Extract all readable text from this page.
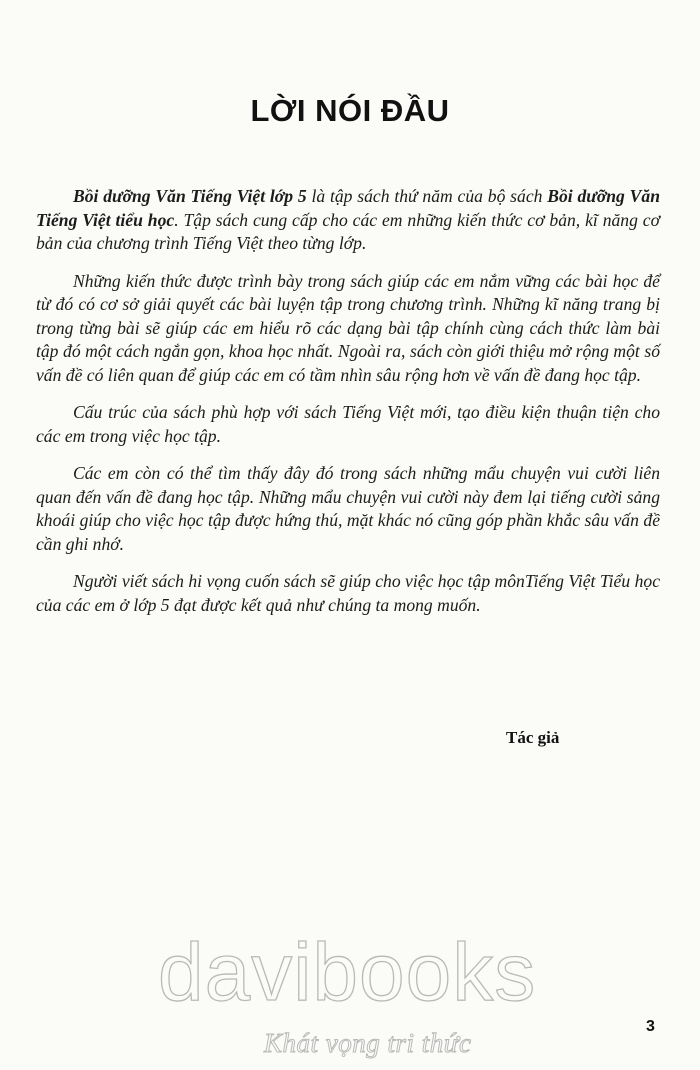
LỜI NÓI ĐẦU

Bồi dưỡng Văn Tiếng Việt lớp 5 là tập sách thứ năm của bộ sách Bồi dưỡng Văn Tiếng Việt tiểu học. Tập sách cung cấp cho các em những kiến thức cơ bản, kĩ năng cơ bản của chương trình Tiếng Việt theo từng lớp.

Những kiến thức được trình bày trong sách giúp các em nắm vững các bài học để từ đó có cơ sở giải quyết các bài luyện tập trong chương trình. Những kĩ năng trang bị trong từng bài sẽ giúp các em hiểu rõ các dạng bài tập chính cùng cách thức làm bài tập đó một cách ngắn gọn, khoa học nhất. Ngoài ra, sách còn giới thiệu mở rộng một số vấn đề có liên quan để giúp các em có tầm nhìn sâu rộng hơn về vấn đề đang học tập.

Cấu trúc của sách phù hợp với sách Tiếng Việt mới, tạo điều kiện thuận tiện cho các em trong việc học tập.

Các em còn có thể tìm thấy đây đó trong sách những mẩu chuyện vui cười liên quan đến vấn đề đang học tập. Những mẩu chuyện vui cười này đem lại tiếng cười sảng khoái giúp cho việc học tập được hứng thú, mặt khác nó cũng góp phần khắc sâu vấn đề cần ghi nhớ.

Người viết sách hi vọng cuốn sách sẽ giúp cho việc học tập mônTiếng Việt Tiểu học của các em ở lớp 5 đạt được kết quả như chúng ta mong muốn.

Tác giả
davibooks
3
Khát vọng tri thức
